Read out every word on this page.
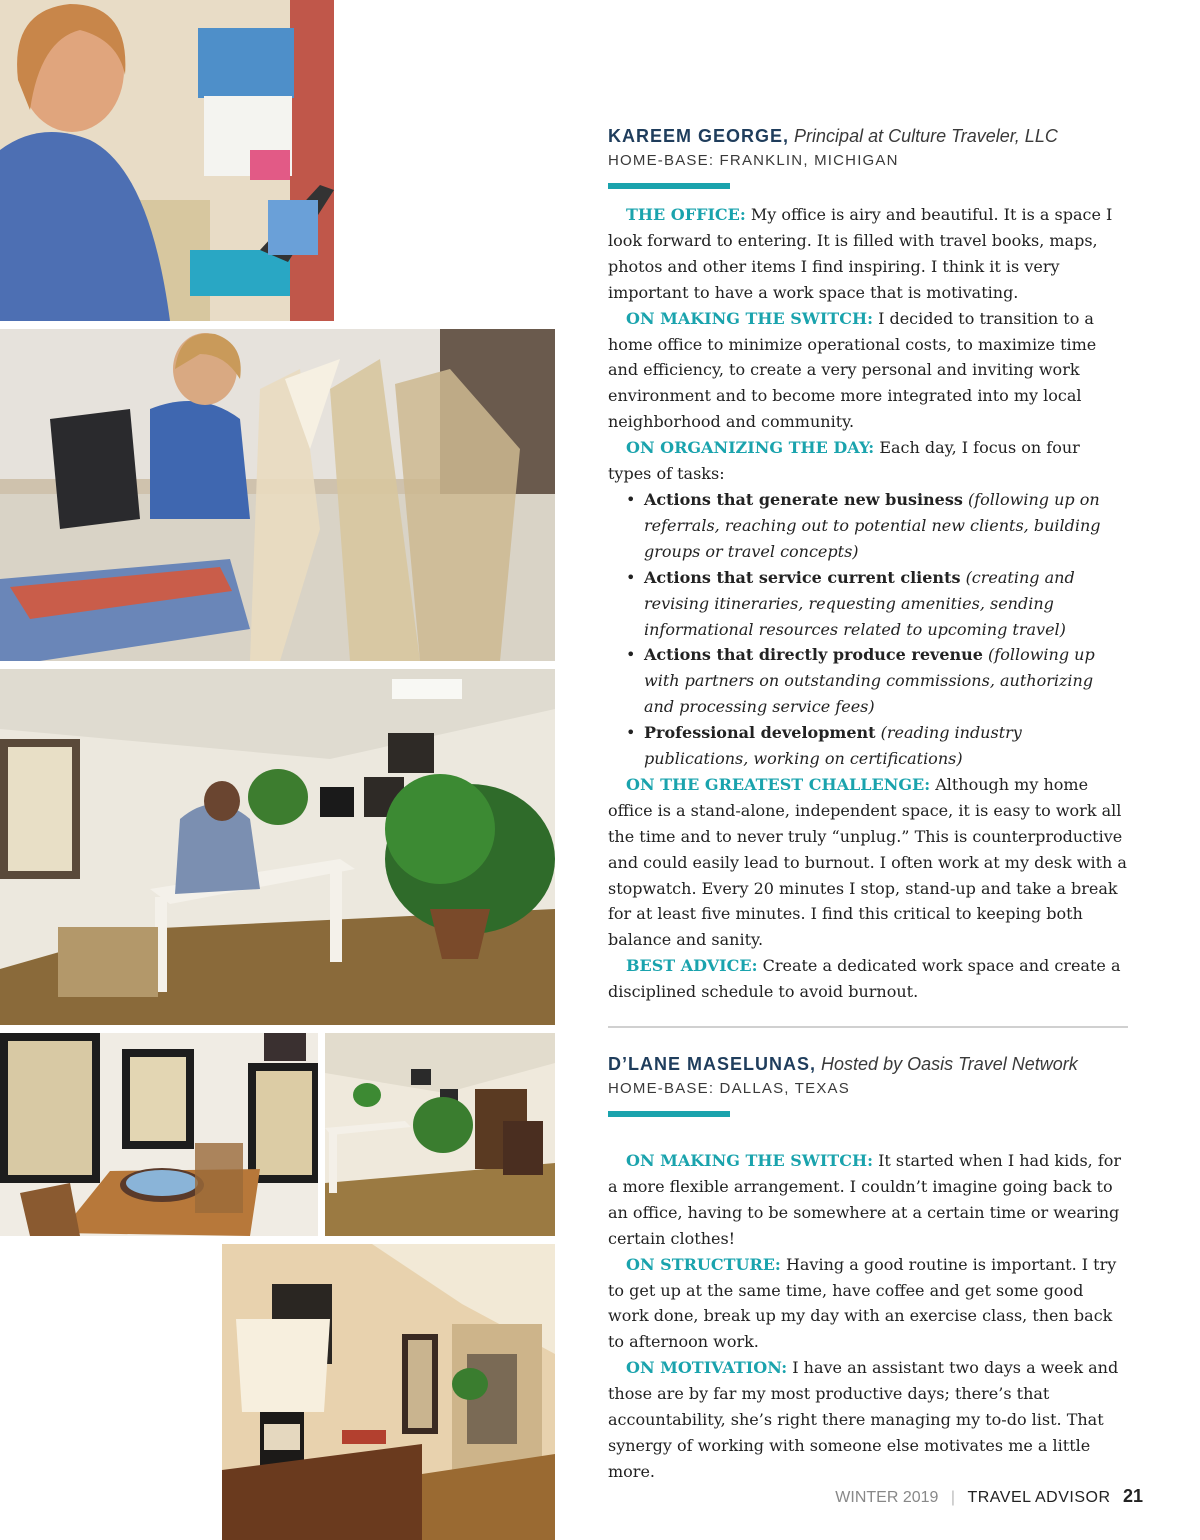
KAREEM GEORGE, Principal at Culture Traveler, LLC
HOME-BASE: FRANKLIN, MICHIGAN

THE OFFICE: My office is airy and beautiful. It is a space I look forward to entering. It is filled with travel books, maps, photos and other items I find inspiring. I think it is very important to have a work space that is motivating.

ON MAKING THE SWITCH: I decided to transition to a home office to minimize operational costs, to maximize time and efficiency, to create a very personal and inviting work environment and to become more integrated into my local neighborhood and community.

ON ORGANIZING THE DAY: Each day, I focus on four types of tasks:

• Actions that generate new business (following up on referrals, reaching out to potential new clients, building groups or travel concepts)
• Actions that service current clients (creating and revising itineraries, requesting amenities, sending informational resources related to upcoming travel)
• Actions that directly produce revenue (following up with partners on outstanding commissions, authorizing and processing service fees)
• Professional development (reading industry publications, working on certifications)

ON THE GREATEST CHALLENGE: Although my home office is a stand-alone, independent space, it is easy to work all the time and to never truly “unplug.” This is counterproductive and could easily lead to burnout. I often work at my desk with a stopwatch. Every 20 minutes I stop, stand-up and take a break for at least five minutes. I find this critical to keeping both balance and sanity.

BEST ADVICE: Create a dedicated work space and create a disciplined schedule to avoid burnout.

D’LANE MASELUNAS, Hosted by Oasis Travel Network
HOME-BASE: DALLAS, TEXAS

ON MAKING THE SWITCH: It started when I had kids, for a more flexible arrangement. I couldn’t imagine going back to an office, having to be somewhere at a certain time or wearing certain clothes!

ON STRUCTURE: Having a good routine is important. I try to get up at the same time, have coffee and get some good work done, break up my day with an exercise class, then back to afternoon work.

ON MOTIVATION: I have an assistant two days a week and those are by far my most productive days; there’s that accountability, she’s right there managing my to-do list. That synergy of working with someone else motivates me a little more.

WINTER 2019 | TRAVEL ADVISOR 21
